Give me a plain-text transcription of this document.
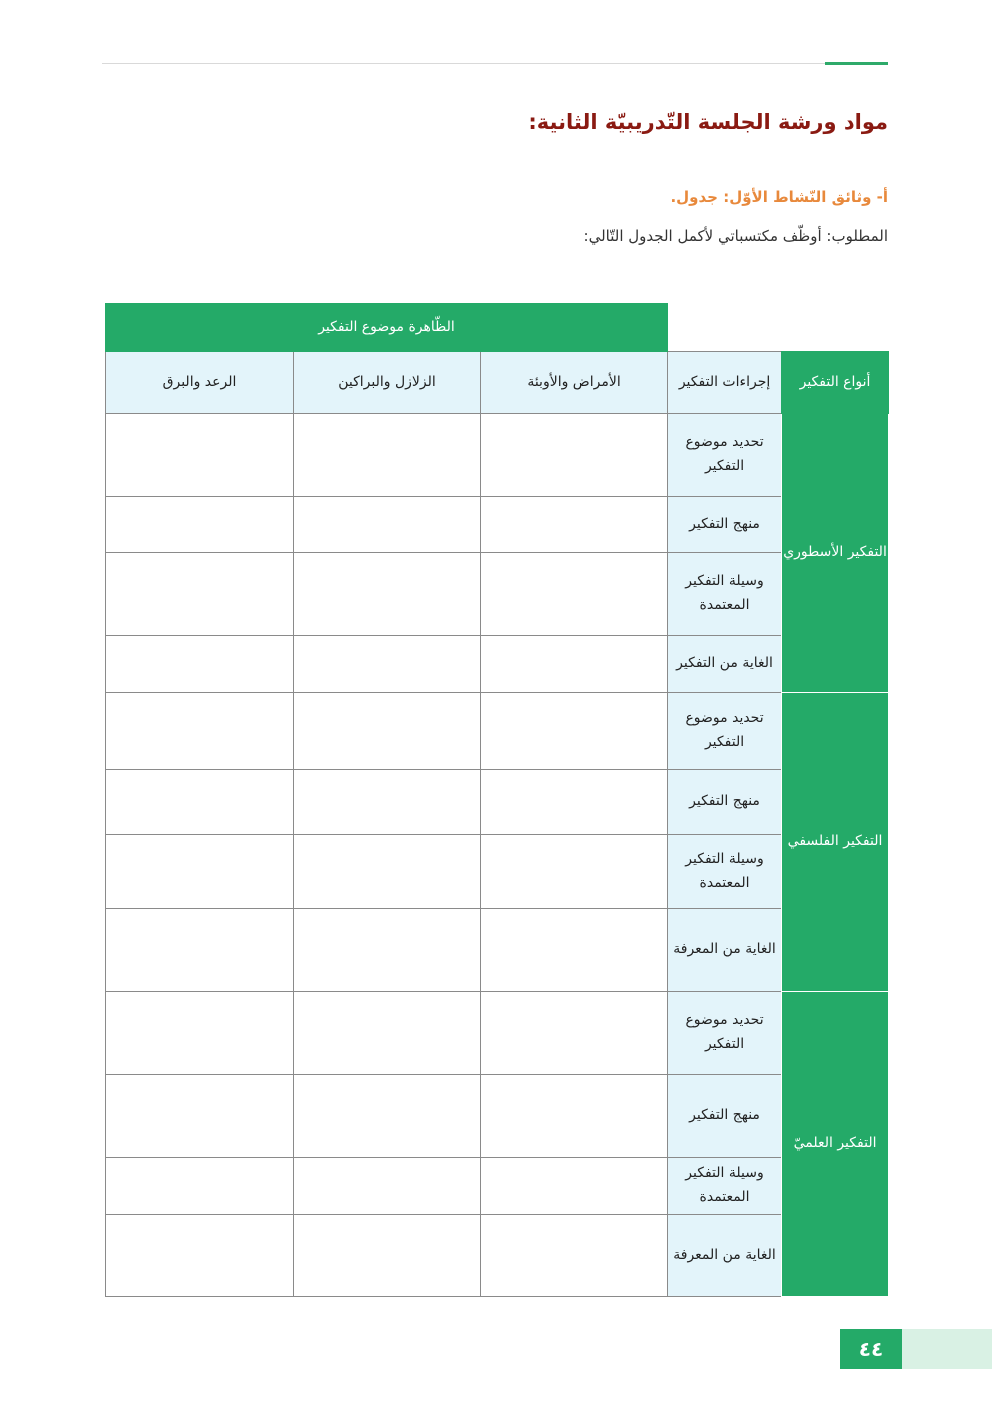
مواد ورشة الجلسة التّدريبيّة الثانية:
أ- وثائق النّشاط الأوّل: جدول.

المطلوب: أوظّف مكتسباتي لأكمل الجدول التّالي:

		الظّاهرة موضوع التفكير		
أنواع التفكير	إجراءات التفكير	الأمراض والأوبئة	الزلازل والبراكين	الرعد والبرق
التفكير الأسطوري	تحديد موضوع التفكير			
	منهج التفكير			
	وسيلة التفكير المعتمدة			
	الغاية من التفكير			
التفكير الفلسفي	تحديد موضوع التفكير			
	منهج التفكير			
	وسيلة التفكير المعتمدة			
	الغاية من المعرفة			
التفكير العلميّ	تحديد موضوع التفكير			
	منهج التفكير			
	وسيلة التفكير المعتمدة			
	الغاية من المعرفة			
٤٤
